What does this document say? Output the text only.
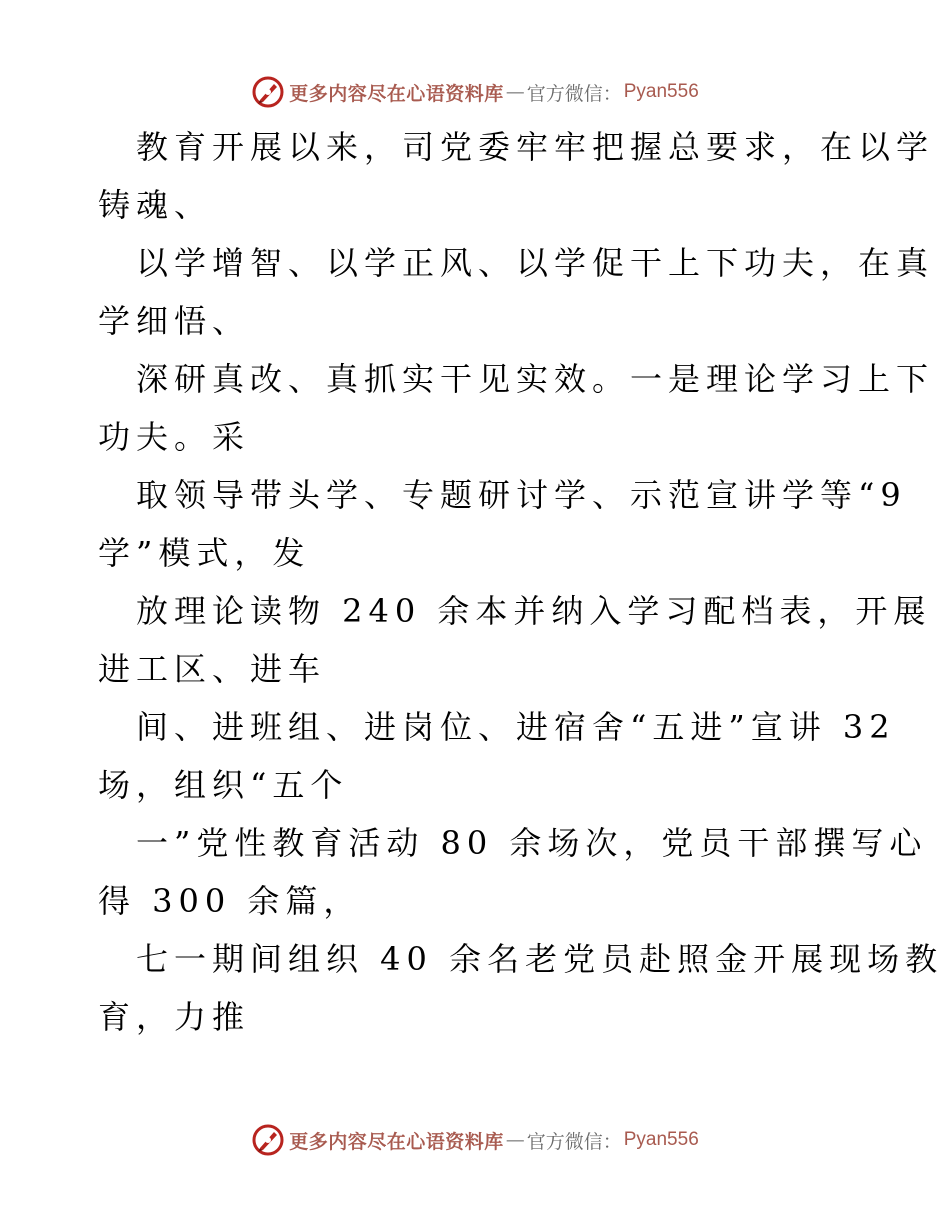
更多内容尽在心语资料库 — 官方微信： Pyan556

教育开展以来，司党委牢牢把握总要求，在以学
铸魂、

以学增智、以学正风、以学促干上下功夫，在真
学细悟、

深研真改、真抓实干见实效。一是理论学习上下
功夫。采

取领导带头学、专题研讨学、示范宣讲学等“9
学”模式，发

放理论读物 240 余本并纳入学习配档表，开展
进工区、进车

间、进班组、进岗位、进宿舍“五进”宣讲 32
场，组织“五个

一”党性教育活动 80 余场次，党员干部撰写心
得 300 余篇，

七一期间组织 40 余名老党员赴照金开展现场教
育，力推

更多内容尽在心语资料库 — 官方微信： Pyan556
